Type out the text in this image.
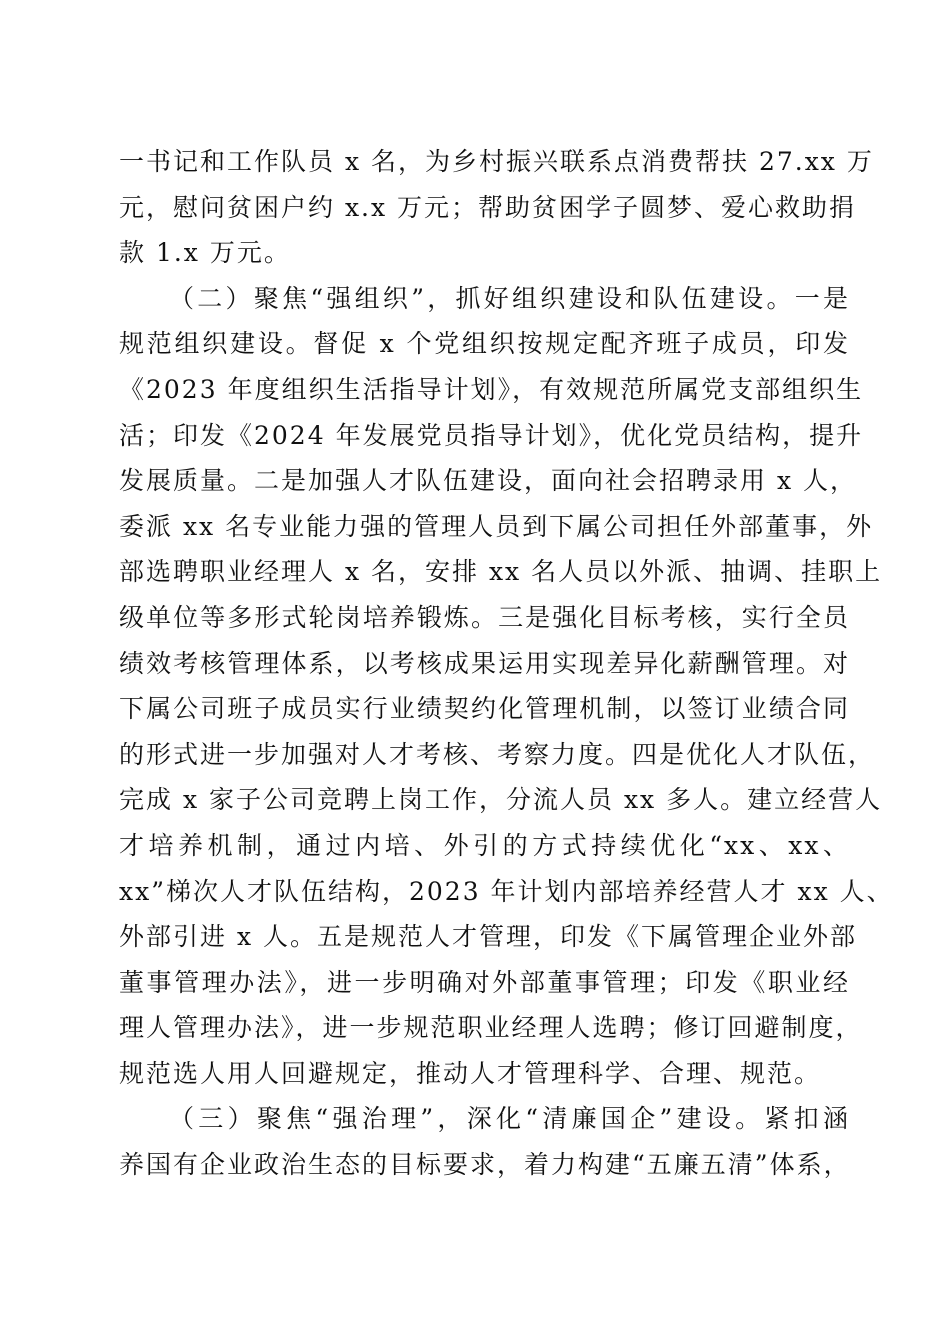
一书记和工作队员 x 名，为乡村振兴联系点消费帮扶 27.xx 万
元，慰问贫困户约 x.x 万元；帮助贫困学子圆梦、爱心救助捐
款 1.x 万元。
（二）聚焦“强组织”，抓好组织建设和队伍建设。一是
规范组织建设。督促 x 个党组织按规定配齐班子成员，印发
《2023 年度组织生活指导计划》，有效规范所属党支部组织生
活；印发《2024 年发展党员指导计划》，优化党员结构，提升
发展质量。二是加强人才队伍建设，面向社会招聘录用 x 人，
委派 xx 名专业能力强的管理人员到下属公司担任外部董事，外
部选聘职业经理人 x 名，安排 xx 名人员以外派、抽调、挂职上
级单位等多形式轮岗培养锻炼。三是强化目标考核，实行全员
绩效考核管理体系，以考核成果运用实现差异化薪酬管理。对
下属公司班子成员实行业绩契约化管理机制，以签订业绩合同
的形式进一步加强对人才考核、考察力度。四是优化人才队伍，
完成 x 家子公司竞聘上岗工作，分流人员 xx 多人。建立经营人
才培养机制，通过内培、外引的方式持续优化“xx、xx、
xx”梯次人才队伍结构，2023 年计划内部培养经营人才 xx 人、
外部引进 x 人。五是规范人才管理，印发《下属管理企业外部
董事管理办法》，进一步明确对外部董事管理；印发《职业经
理人管理办法》，进一步规范职业经理人选聘；修订回避制度，
规范选人用人回避规定，推动人才管理科学、合理、规范。
（三）聚焦“强治理”，深化“清廉国企”建设。紧扣涵
养国有企业政治生态的目标要求，着力构建“五廉五清”体系，
